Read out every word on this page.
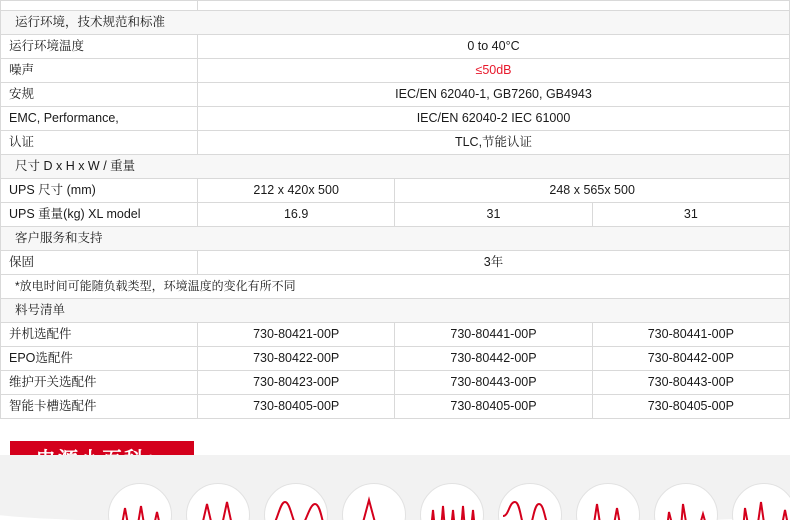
运行环境，技术规范和标准			
运行环境温度	0 to 40°C		
噪声	≤50dB		
安规	IEC/EN 62040-1, GB7260, GB4943		
EMC, Performance,	IEC/EN 62040-2 IEC 61000		
认证	TLC,节能认证		
尺寸 D x H x W / 重量			
UPS 尺寸 (mm)	212 x 420x 500	248 x 565x 500	
UPS 重量(kg) XL model	16.9	31	31
客户服务和支持			
保固	3年		
*放电时间可能随负载类型，环境温度的变化有所不同			
料号清单			
并机选配件	730-80421-00P	730-80441-00P	730-80441-00P
EPO选配件	730-80422-00P	730-80442-00P	730-80442-00P
维护开关选配件	730-80423-00P	730-80443-00P	730-80443-00P
智能卡槽选配件	730-80405-00P	730-80405-00P	730-80405-00P
